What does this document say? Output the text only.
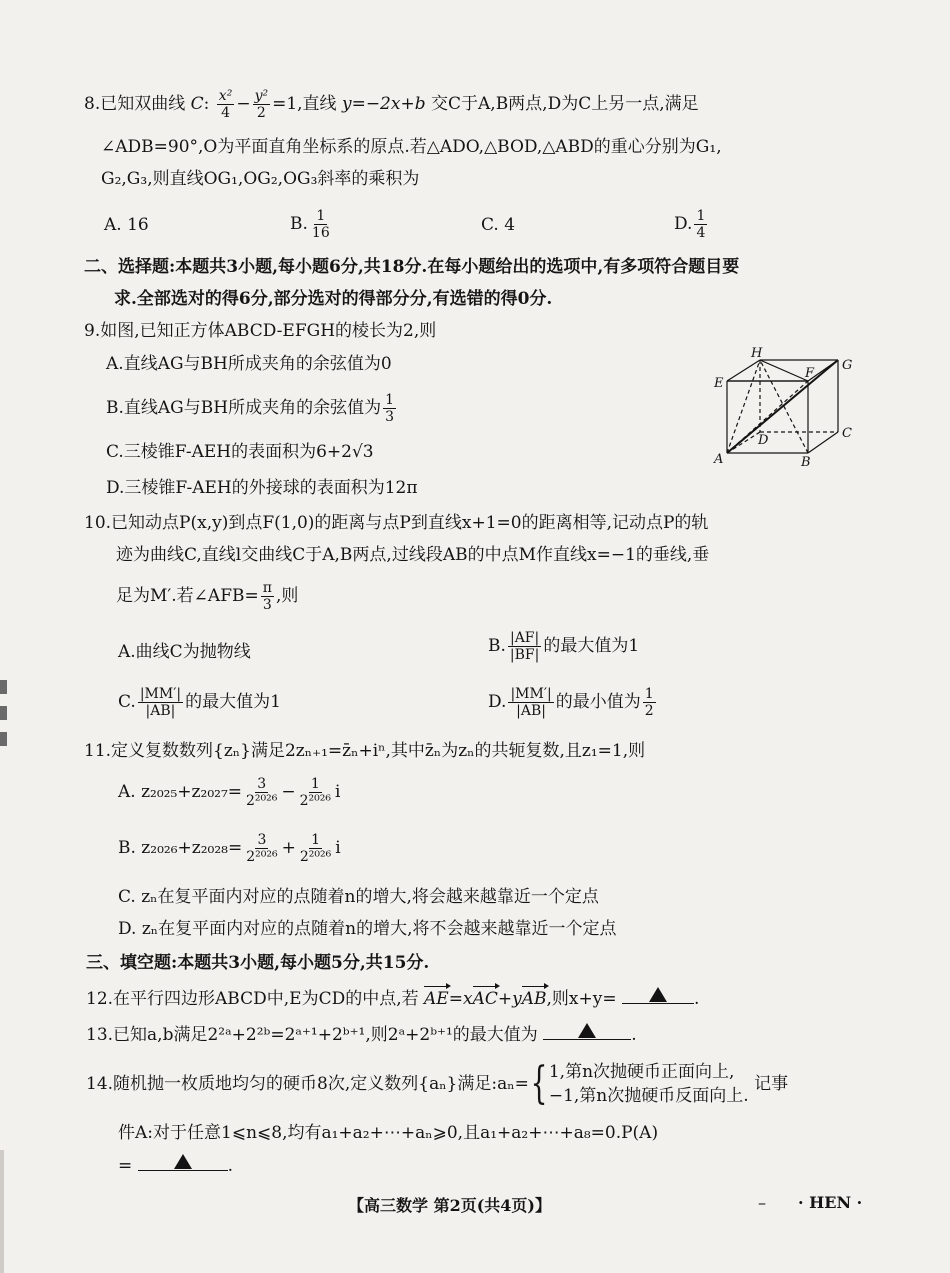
8.已知双曲线 C: $\frac{\text{x²}}{4} - \frac{\text{y²}}{2} =1$,直线 y=−2x+b 交C于A,B两点,D为C上另一点,满足
∠ADB=90°,O为平面直角坐标系的原点.若△ADO,△BOD,△ABD的重心分别为G₁,
G₂,G₃,则直线OG₁,OG₂,OG₃斜率的乘积为
A. 16	B. $\frac{1}{16}$	C. 4	D. $\frac{1}{4}$
二、选择题:本题共3小题,每小题6分,共18分.在每小题给出的选项中,有多项符合题目要
求.全部选对的得6分,部分选对的得部分分,有选错的得0分.
9.如图,已知正方体ABCD-EFGH的棱长为2,则
A.直线AG与BH所成夹角的余弦值为0
B.直线AG与BH所成夹角的余弦值为 $\frac{1}{3}$
C.三棱锥F-AEH的表面积为6+2√3
D.三棱锥F-AEH的外接球的表面积为12π
H
F
G
E
D	C
A	B
10.已知动点P(x,y)到点F(1,0)的距离与点P到直线x+1=0的距离相等,记动点P的轨
迹为曲线C,直线l交曲线C于A,B两点,过线段AB的中点M作直线x=−1的垂线,垂
足为M′.若∠AFB= $\frac{\pi}{3}$ ,则
A.曲线C为抛物线	B. $\frac{|AF|}{|BF|}$ 的最大值为1
C. $\frac{|MM'|}{|AB|}$ 的最大值为1	D. $\frac{|MM'|}{|AB|}$ 的最小值为 $\frac{1}{2}$
11.定义复数数列{zₙ}满足2zₙ₊₁=z̄ₙ+iⁿ,其中z̄ₙ为zₙ的共轭复数,且z₁=1,则
A. $z_{2025}+z_{2027}= \frac{3}{\text{2²⁰²⁶}} - \frac{1}{\text{2²⁰²⁶}}$ i
B. $z_{2026}+z_{2028}= \frac{3}{\text{2²⁰²⁶}} + \frac{1}{\text{2²⁰²⁶}}$ i
C. zₙ在复平面内对应的点随着n的增大,将会越来越靠近一个定点
D. zₙ在复平面内对应的点随着n的增大,将不会越来越靠近一个定点
三、填空题:本题共3小题,每小题5分,共15分.
12.在平行四边形ABCD中,E为CD的中点,若 AE=xAC+yAB,则x+y=	.
13.已知a,b满足2²ᵃ+2²ᵇ=2ᵃ⁺¹+2ᵇ⁺¹,则2ᵃ+2ᵇ⁺¹的最大值为	.
14.随机抛一枚质地均匀的硬币8次,定义数列{aₙ}满足:aₙ={ 1,第n次抛硬币正面向上,
−1,第n次抛硬币反面向上.
记事
件A:对于任意1⩽n⩽8,均有a₁+a₂+⋯+aₙ⩾0,且a₁+a₂+⋯+a₈=0.P(A)
=	.
【高三数学 第2页(共4页)】	– · HEN ·
